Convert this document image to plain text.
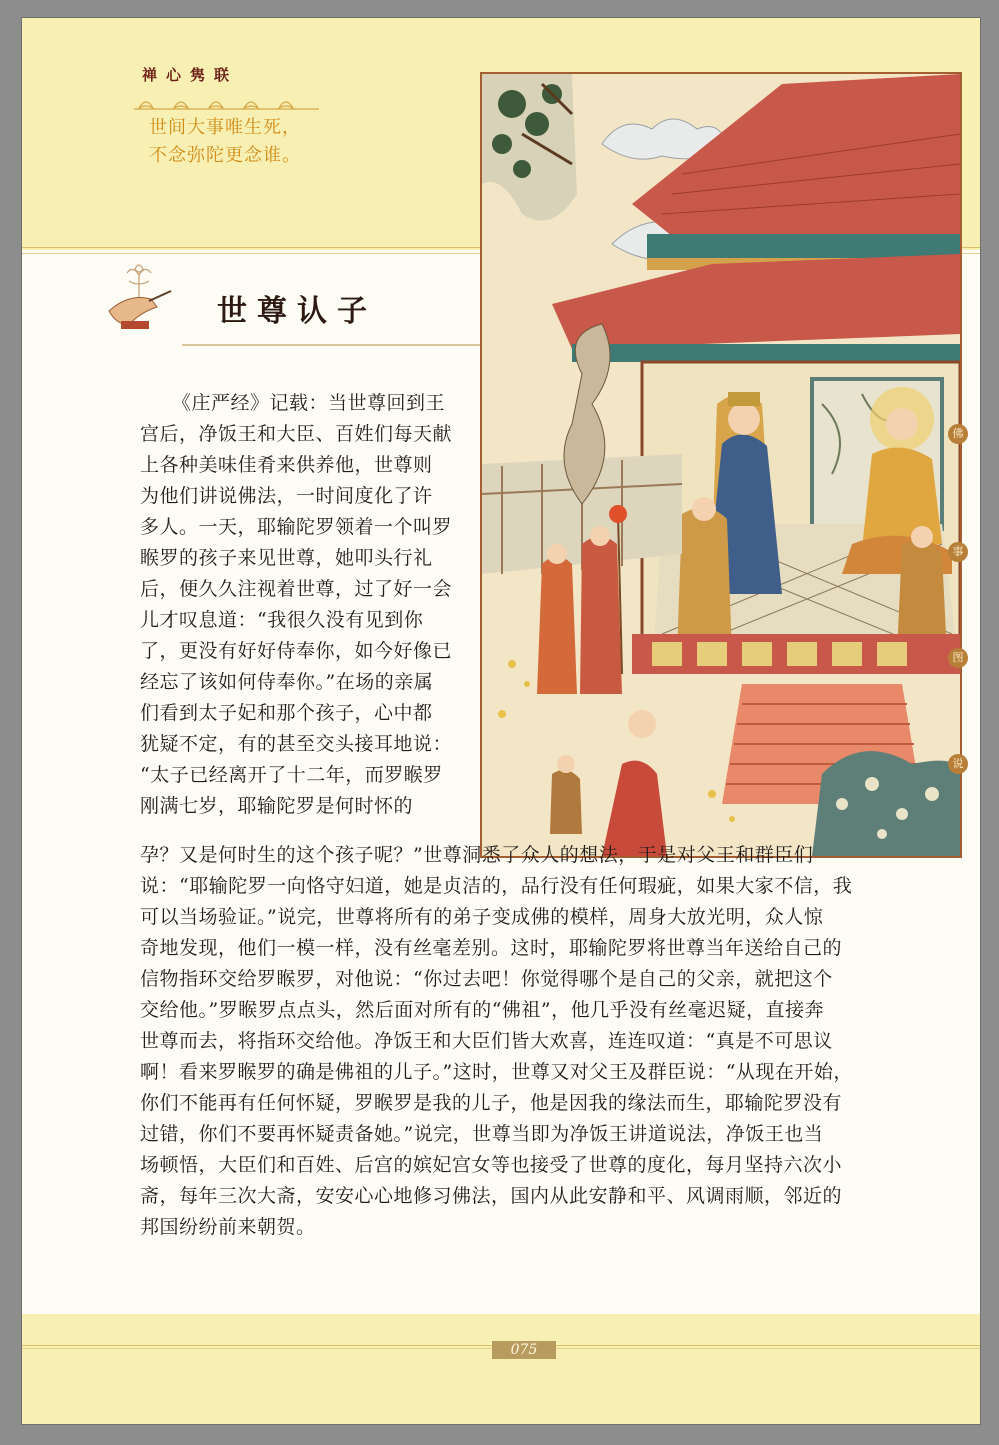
禅心隽联
世间大事唯生死，
不念弥陀更念谁。
世尊认子
佛
事
图
说
《庄严经》记载：当世尊回到王
宫后，净饭王和大臣、百姓们每天献
上各种美味佳肴来供养他，世尊则
为他们讲说佛法，一时间度化了许
多人。一天，耶输陀罗领着一个叫罗
睺罗的孩子来见世尊，她叩头行礼
后，便久久注视着世尊，过了好一会
儿才叹息道：“我很久没有见到你
了，更没有好好侍奉你，如今好像已
经忘了该如何侍奉你。”在场的亲属
们看到太子妃和那个孩子，心中都
犹疑不定，有的甚至交头接耳地说：
“太子已经离开了十二年，而罗睺罗
刚满七岁，耶输陀罗是何时怀的
孕？又是何时生的这个孩子呢？”世尊洞悉了众人的想法，于是对父王和群臣们
说：“耶输陀罗一向恪守妇道，她是贞洁的，品行没有任何瑕疵，如果大家不信，我
可以当场验证。”说完，世尊将所有的弟子变成佛的模样，周身大放光明，众人惊
奇地发现，他们一模一样，没有丝毫差别。这时，耶输陀罗将世尊当年送给自己的
信物指环交给罗睺罗，对他说：“你过去吧！你觉得哪个是自己的父亲，就把这个
交给他。”罗睺罗点点头，然后面对所有的“佛祖”，他几乎没有丝毫迟疑，直接奔
世尊而去，将指环交给他。净饭王和大臣们皆大欢喜，连连叹道：“真是不可思议
啊！看来罗睺罗的确是佛祖的儿子。”这时，世尊又对父王及群臣说：“从现在开始，
你们不能再有任何怀疑，罗睺罗是我的儿子，他是因我的缘法而生，耶输陀罗没有
过错，你们不要再怀疑责备她。”说完，世尊当即为净饭王讲道说法，净饭王也当
场顿悟，大臣们和百姓、后宫的嫔妃宫女等也接受了世尊的度化，每月坚持六次小
斋，每年三次大斋，安安心心地修习佛法，国内从此安静和平、风调雨顺，邻近的
邦国纷纷前来朝贺。
075
